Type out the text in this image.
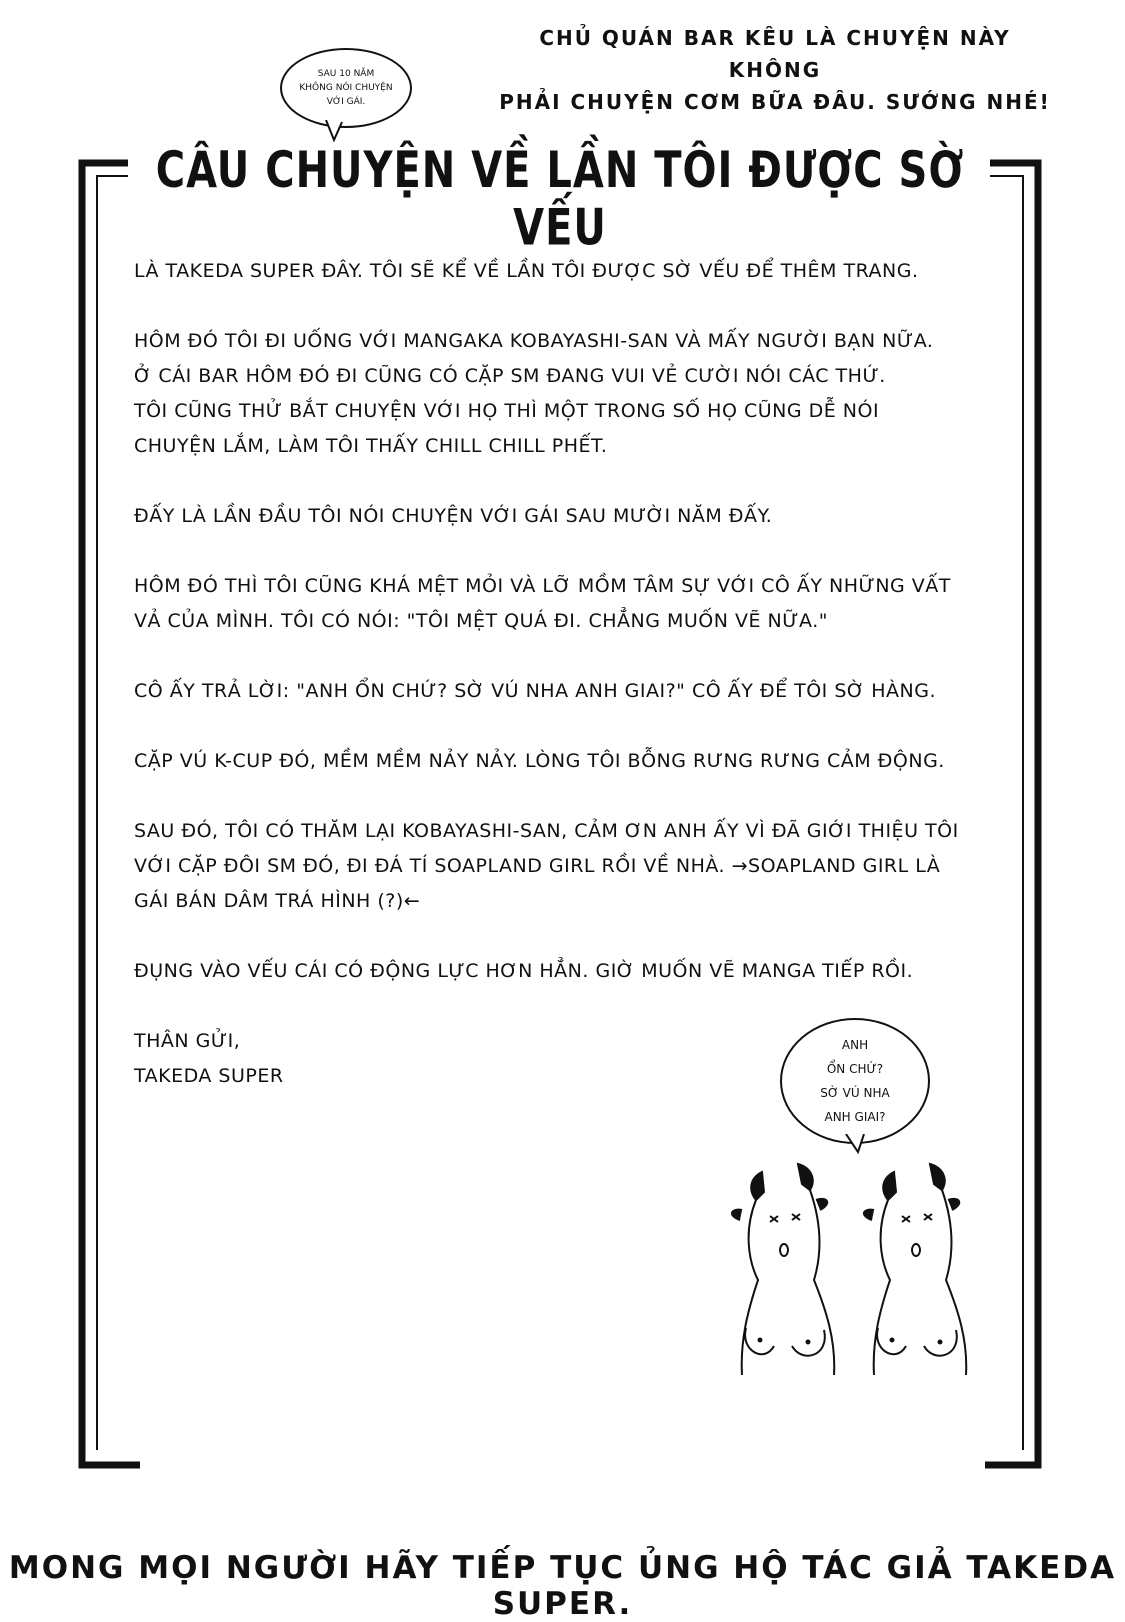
CHỦ QUÁN BAR KÊU LÀ CHUYỆN NÀY KHÔNG
PHẢI CHUYỆN CƠM BỮA ĐÂU. SƯỚNG NHÉ!
SAU 10 NĂM
KHÔNG NÓI CHUYỆN
VỚI GÁI.
CÂU CHUYỆN VỀ LẦN TÔI ĐƯỢC SỜ VẾU
LÀ TAKEDA SUPER ĐÂY. TÔI SẼ KỂ VỀ LẦN TÔI ĐƯỢC SỜ VẾU ĐỂ THÊM TRANG.
HÔM ĐÓ TÔI ĐI UỐNG VỚI MANGAKA KOBAYASHI-SAN VÀ MẤY NGƯỜI BẠN NỮA.
Ở CÁI BAR HÔM ĐÓ ĐI CŨNG CÓ CẶP SM ĐANG VUI VẺ CƯỜI NÓI CÁC THỨ.
TÔI CŨNG THỬ BẮT CHUYỆN VỚI HỌ THÌ MỘT TRONG SỐ HỌ CŨNG DỄ NÓI
CHUYỆN LẮM, LÀM TÔI THẤY CHILL CHILL PHẾT.
ĐẤY LÀ LẦN ĐẦU TÔI NÓI CHUYỆN VỚI GÁI SAU MƯỜI NĂM ĐẤY.
HÔM ĐÓ THÌ TÔI CŨNG KHÁ MỆT MỎI VÀ LỠ MỒM TÂM SỰ VỚI CÔ ẤY NHỮNG VẤT
VẢ CỦA MÌNH. TÔI CÓ NÓI: "TÔI MỆT QUÁ ĐI. CHẲNG MUỐN VẼ NỮA."
CÔ ẤY TRẢ LỜI: "ANH ỔN CHỨ? SỜ VÚ NHA ANH GIAI?" CÔ ẤY ĐỂ TÔI SỜ HÀNG.
CẶP VÚ K-CUP ĐÓ, MỀM MỀM NẢY NẢY. LÒNG TÔI BỖNG RƯNG RƯNG CẢM ĐỘNG.
SAU ĐÓ, TÔI CÓ THĂM LẠI KOBAYASHI-SAN, CẢM ƠN ANH ẤY VÌ ĐÃ GIỚI THIỆU TÔI
VỚI CẶP ĐÔI SM ĐÓ, ĐI ĐÁ TÍ SOAPLAND GIRL RỒI VỀ NHÀ. →SOAPLAND GIRL LÀ
GÁI BÁN DÂM TRÁ HÌNH (?)←
ĐỤNG VÀO VẾU CÁI CÓ ĐỘNG LỰC HƠN HẲN. GIỜ MUỐN VẼ MANGA TIẾP RỒI.
THÂN GỬI,
TAKEDA SUPER
ANH
ỔN CHỨ?
SỜ VÚ NHA
ANH GIAI?
MONG MỌI NGƯỜI HÃY TIẾP TỤC ỦNG HỘ TÁC GIẢ TAKEDA SUPER.
